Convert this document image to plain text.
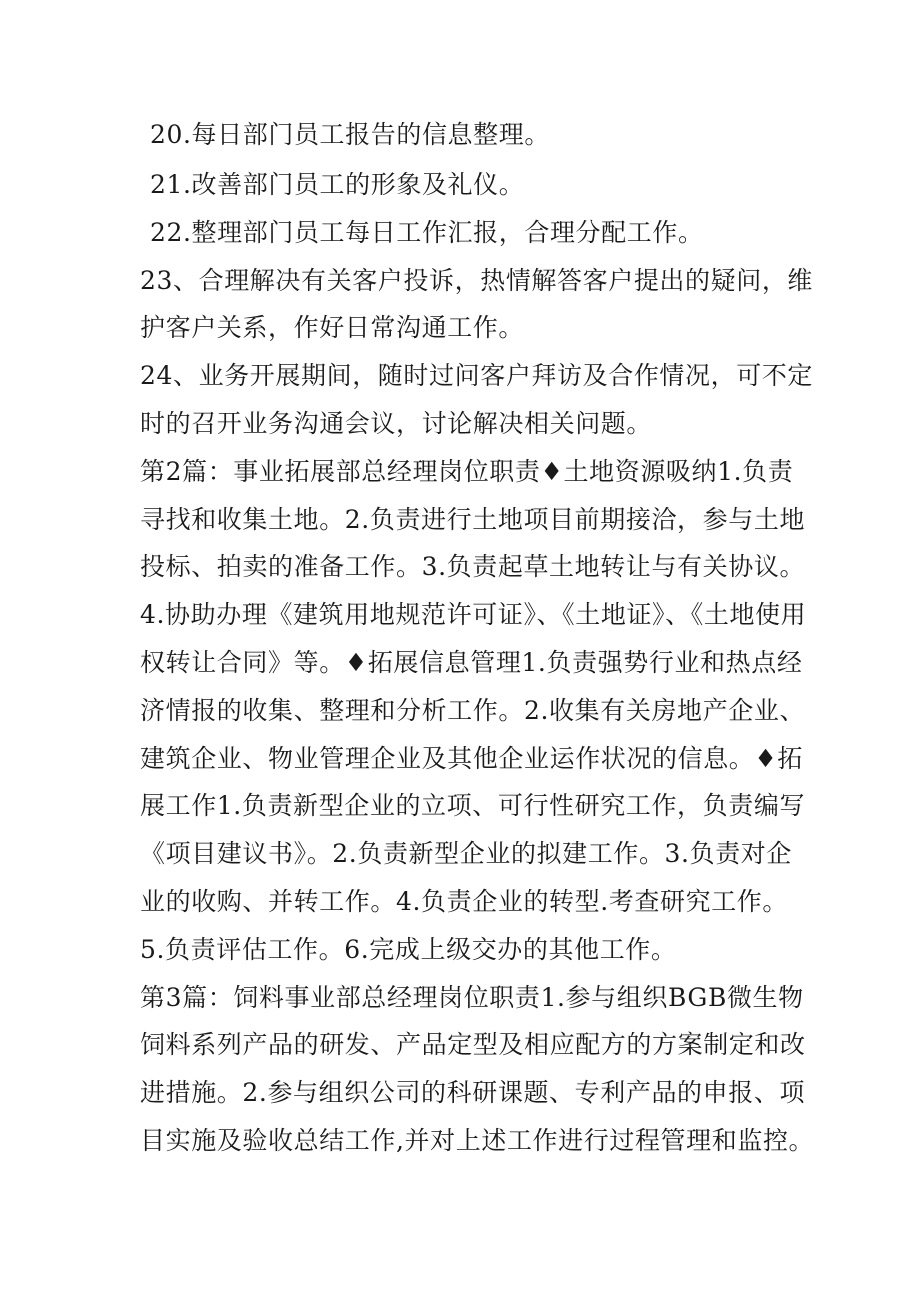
20.每日部门员工报告的信息整理。
21.改善部门员工的形象及礼仪。
22.整理部门员工每日工作汇报，合理分配工作。
23、合理解决有关客户投诉，热情解答客户提出的疑问，维
护客户关系，作好日常沟通工作。
24、业务开展期间，随时过问客户拜访及合作情况，可不定
时的召开业务沟通会议，讨论解决相关问题。
第2篇：事业拓展部总经理岗位职责♦土地资源吸纳1.负责
寻找和收集土地。2.负责进行土地项目前期接洽，参与土地
投标、拍卖的准备工作。3.负责起草土地转让与有关协议。
4.协助办理《建筑用地规范许可证》、《土地证》、《土地使用
权转让合同》等。♦拓展信息管理1.负责强势行业和热点经
济情报的收集、整理和分析工作。2.收集有关房地产企业、
建筑企业、物业管理企业及其他企业运作状况的信息。♦拓
展工作1.负责新型企业的立项、可行性研究工作，负责编写
《项目建议书》。2.负责新型企业的拟建工作。3.负责对企
业的收购、并转工作。4.负责企业的转型.考查研究工作。
5.负责评估工作。6.完成上级交办的其他工作。
第3篇：饲料事业部总经理岗位职责1.参与组织BGB微生物
饲料系列产品的研发、产品定型及相应配方的方案制定和改
进措施。2.参与组织公司的科研课题、专利产品的申报、项
目实施及验收总结工作,并对上述工作进行过程管理和监控。
